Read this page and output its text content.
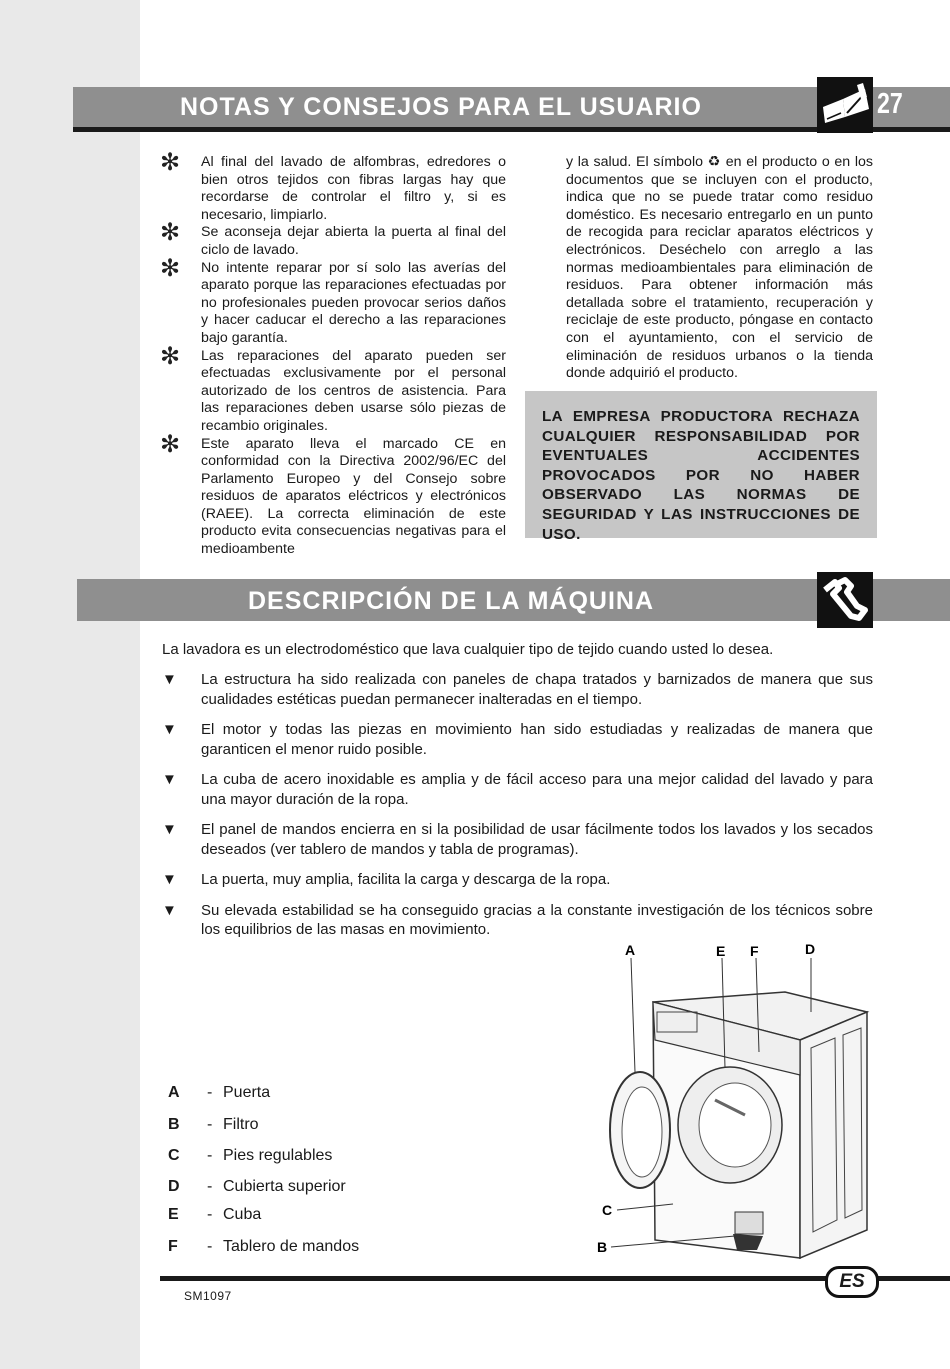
NOTAS Y CONSEJOS PARA EL USUARIO	27
✻ Al final del lavado de alfombras, edredores o bien otros tejidos con fibras largas hay que recordarse de controlar el filtro y, si es necesario, limpiarlo.

✻ Se aconseja dejar abierta la puerta al final del ciclo de lavado.

✻ No intente reparar por sí solo las averías del aparato porque las reparaciones efectuadas por no profesionales pueden provocar serios daños y hacer caducar el derecho a las reparaciones bajo garantía.

✻ Las reparaciones del aparato pueden ser efectuadas exclusivamente por el personal autorizado de los centros de asistencia. Para las reparaciones deben usarse sólo piezas de recambio originales.

✻ Este aparato lleva el marcado CE en conformidad con la Directiva 2002/96/EC del Parlamento Europeo y del Consejo sobre residuos de aparatos eléctricos y electrónicos (RAEE). La correcta eliminación de este producto evita consecuencias negativas para el medioambente

y la salud. El símbolo ♻ en el producto o en los documentos que se incluyen con el producto, indica que no se puede tratar como residuo doméstico. Es necesario entregarlo en un punto de recogida para reciclar aparatos eléctricos y electrónicos. Deséchelo con arreglo a las normas medioambientales para eliminación de residuos. Para obtener información más detallada sobre el tratamiento, recuperación y reciclaje de este producto, póngase en contacto con el ayuntamiento, con el servicio de eliminación de residuos urbanos o la tienda donde adquirió el producto.

LA EMPRESA PRODUCTORA RECHAZA CUALQUIER RESPONSABILIDAD POR EVENTUALES ACCIDENTES PROVOCADOS POR NO HABER OBSERVADO LAS NORMAS DE SEGURIDAD Y LAS INSTRUCCIONES DE USO.

DESCRIPCIÓN DE LA MÁQUINA
La lavadora es un electrodoméstico que lava cualquier tipo de tejido cuando usted lo desea.
▼ La estructura ha sido realizada con paneles de chapa tratados y barnizados de manera que sus cualidades estéticas puedan permanecer inalteradas en el tiempo.
▼ El motor y todas las piezas en movimiento han sido estudiadas y realizadas de manera que garanticen el menor ruido posible.
▼ La cuba de acero inoxidable es amplia y de fácil acceso para una mejor calidad del lavado y para una mayor duración de la ropa.
▼ El panel de mandos encierra en si la posibilidad de usar fácilmente todos los lavados y los secados deseados (ver tablero de mandos y tabla de programas).
▼ La puerta, muy amplia, facilita la carga y descarga de la ropa.
▼ Su elevada estabilidad se ha conseguido gracias a la constante investigación de los técnicos sobre los equilibrios de las masas en movimiento.
A - Puerta
B - Filtro
C - Pies regulables
D - Cubierta superior
E - Cuba
F - Tablero de mandos
A	E F	D
C
B
ES
SM1097
